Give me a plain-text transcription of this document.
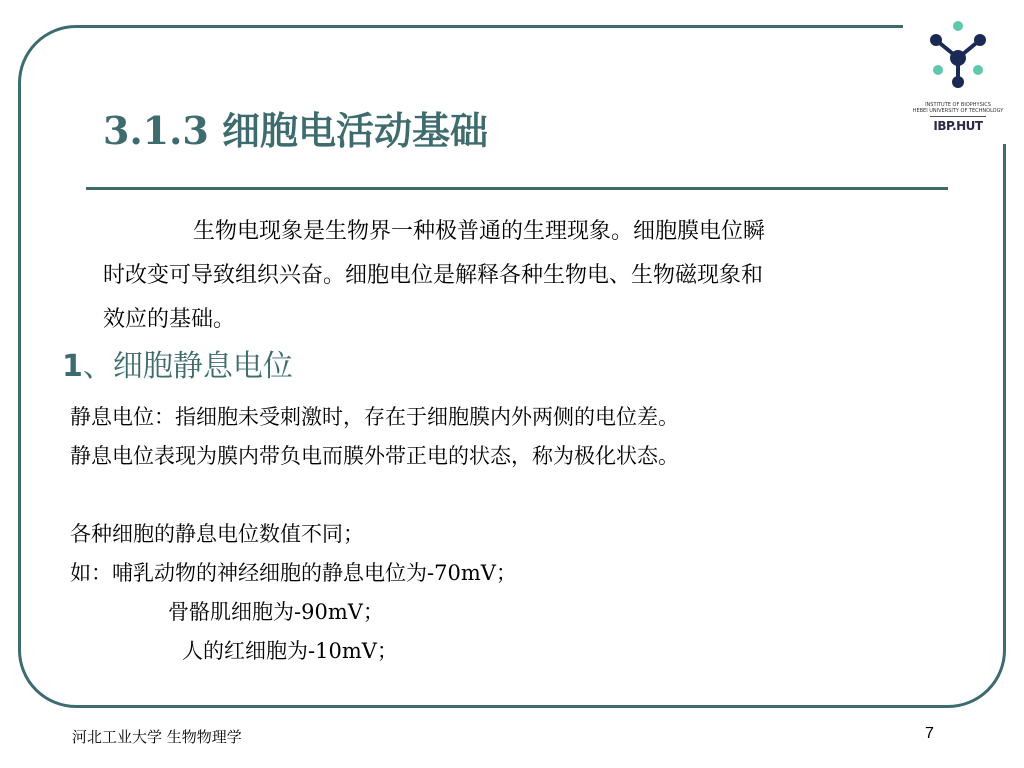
INSTITUTE OF BIOPHYSICS
HEBEI UNIVERSITY OF TECHNOLOGY
IBP.HUT
3.1.3 细胞电活动基础

生物电现象是生物界一种极普通的生理现象。细胞膜电位瞬
时改变可导致组织兴奋。细胞电位是解释各种生物电、生物磁现象和
效应的基础。

1、细胞静息电位
静息电位：指细胞未受刺激时，存在于细胞膜内外两侧的电位差。
静息电位表现为膜内带负电而膜外带正电的状态，称为极化状态。
各种细胞的静息电位数值不同；
如：哺乳动物的神经细胞的静息电位为-70mV；
骨骼肌细胞为-90mV；
人的红细胞为-10mV；
河北工业大学 生物物理学	7
